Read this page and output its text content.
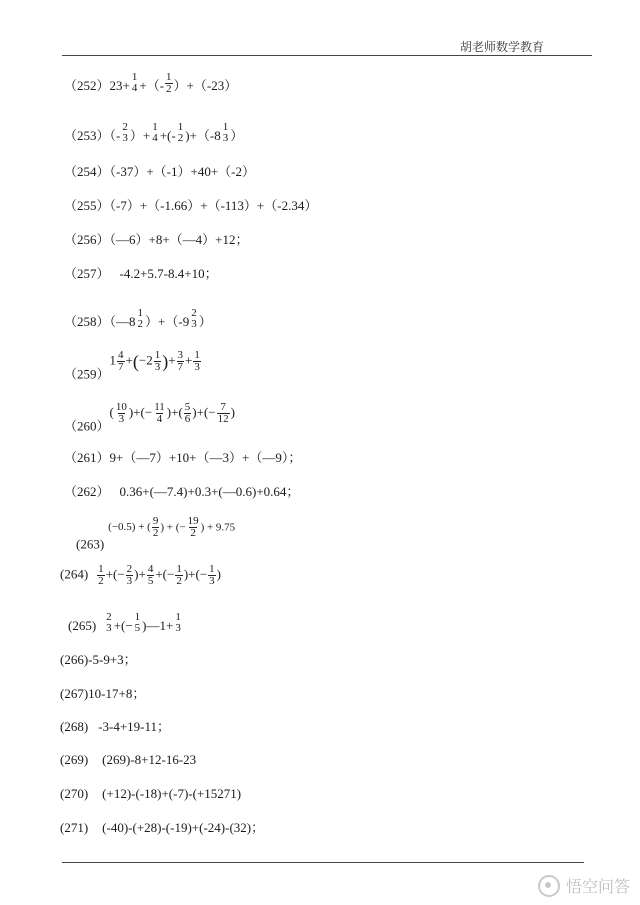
胡老师数学教育
（252）23+
1
4 +（- $\frac{1}{2} )+(-23)$
（253）（-
2
3 ）+
1
4 +(-
1
2 )+（-8
1
3 ）
（254）（-37）+（-1）+40+（-2）
（255）（-7）+（-1.66）+（-113）+（-2.34）
（256）（—6）+8+（—4）+12；
（257） -4.2+5.7-8.4+10；
（258）（—8
1
2 ）+（-9
2
3 ）
$(259)1 \frac{4}{7} +(-2 \frac{1}{3}$ )+ $\frac{3}{7} + \frac{1}{3}$
$(260)( \frac{10}{3}$ )+(− $\frac{11}{4}$ )+( $\frac{5}{6}$ )+(− $\frac{7}{12}$ )
（261）9+（—7）+10+（—3）+（—9）；
（262） 0.36+(—7.4)+0.3+(—0.6)+0.64；
(263)(−0.5) + ( $\frac{9}{2}$ ) + (− $\frac{19}{2}$ ) + 9.75
$(264) \frac{1}{2}$ +(− $\frac{2}{3}$ )+ $\frac{4}{5}$ +(− $\frac{1}{2}$ )+(− $\frac{1}{3}$ )
(265)
2
3 +(−
1
5 )—1+
1
3
(266)-5-9+3；
(267)10-17+8；
(268) -3-4+19-11；
(269) (269)-8+12-16-23
(270) (+12)-(-18)+(-7)-(+15271)
(271) (-40)-(+28)-(-19)+(-24)-(32)；
悟空问答
